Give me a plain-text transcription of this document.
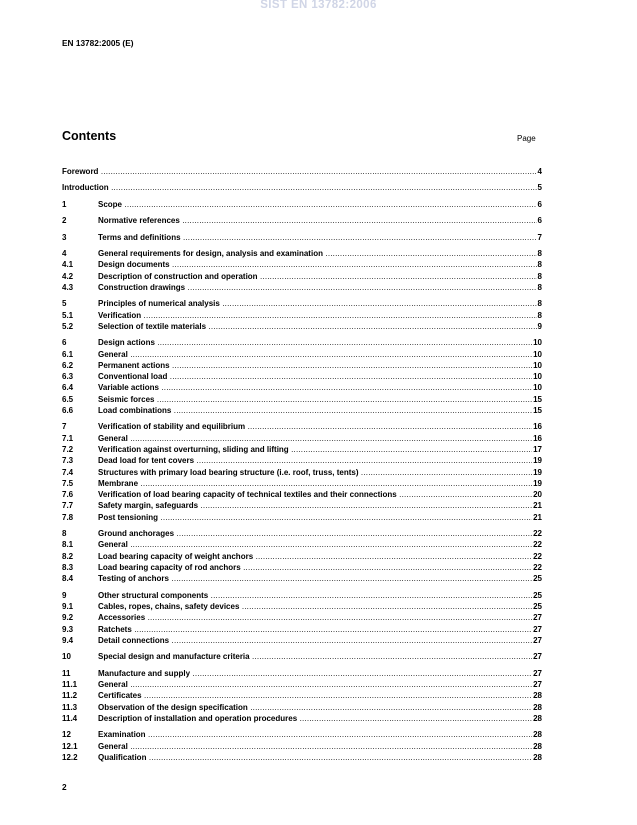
SIST EN 13782:2006
EN 13782:2005 (E)
Contents	Page
Foreword .....	4
Introduction .....	5
1	Scope .....	6
2	Normative references .....	6
3	Terms and definitions .....	7
4	General requirements for design, analysis and examination .....	8
4.1	Design documents .....	8
4.2	Description of construction and operation .....	8
4.3	Construction drawings .....	8
5	Principles of numerical analysis .....	8
5.1	Verification .....	8
5.2	Selection of textile materials .....	9
6	Design actions .....	10
6.1	General .....	10
6.2	Permanent actions .....	10
6.3	Conventional load .....	10
6.4	Variable actions .....	10
6.5	Seismic forces .....	15
6.6	Load combinations .....	15
7	Verification of stability and equilibrium .....	16
7.1	General .....	16
7.2	Verification against overturning, sliding and lifting .....	17
7.3	Dead load for tent covers .....	19
7.4	Structures with primary load bearing structure (i.e. roof, truss, tents) .....	19
7.5	Membrane .....	19
7.6	Verification of load bearing capacity of technical textiles and their connections .....	20
7.7	Safety margin, safeguards .....	21
7.8	Post tensioning .....	21
8	Ground anchorages .....	22
8.1	General .....	22
8.2	Load bearing capacity of weight anchors .....	22
8.3	Load bearing capacity of rod anchors .....	22
8.4	Testing of anchors .....	25
9	Other structural components .....	25
9.1	Cables, ropes, chains, safety devices .....	25
9.2	Accessories .....	27
9.3	Ratchets .....	27
9.4	Detail connections .....	27
10	Special design and manufacture criteria .....	27
11	Manufacture and supply .....	27
11.1	General .....	27
11.2	Certificates .....	28
11.3	Observation of the design specification .....	28
11.4	Description of installation and operation procedures .....	28
12	Examination .....	28
12.1	General .....	28
12.2	Qualification .....	28
2
